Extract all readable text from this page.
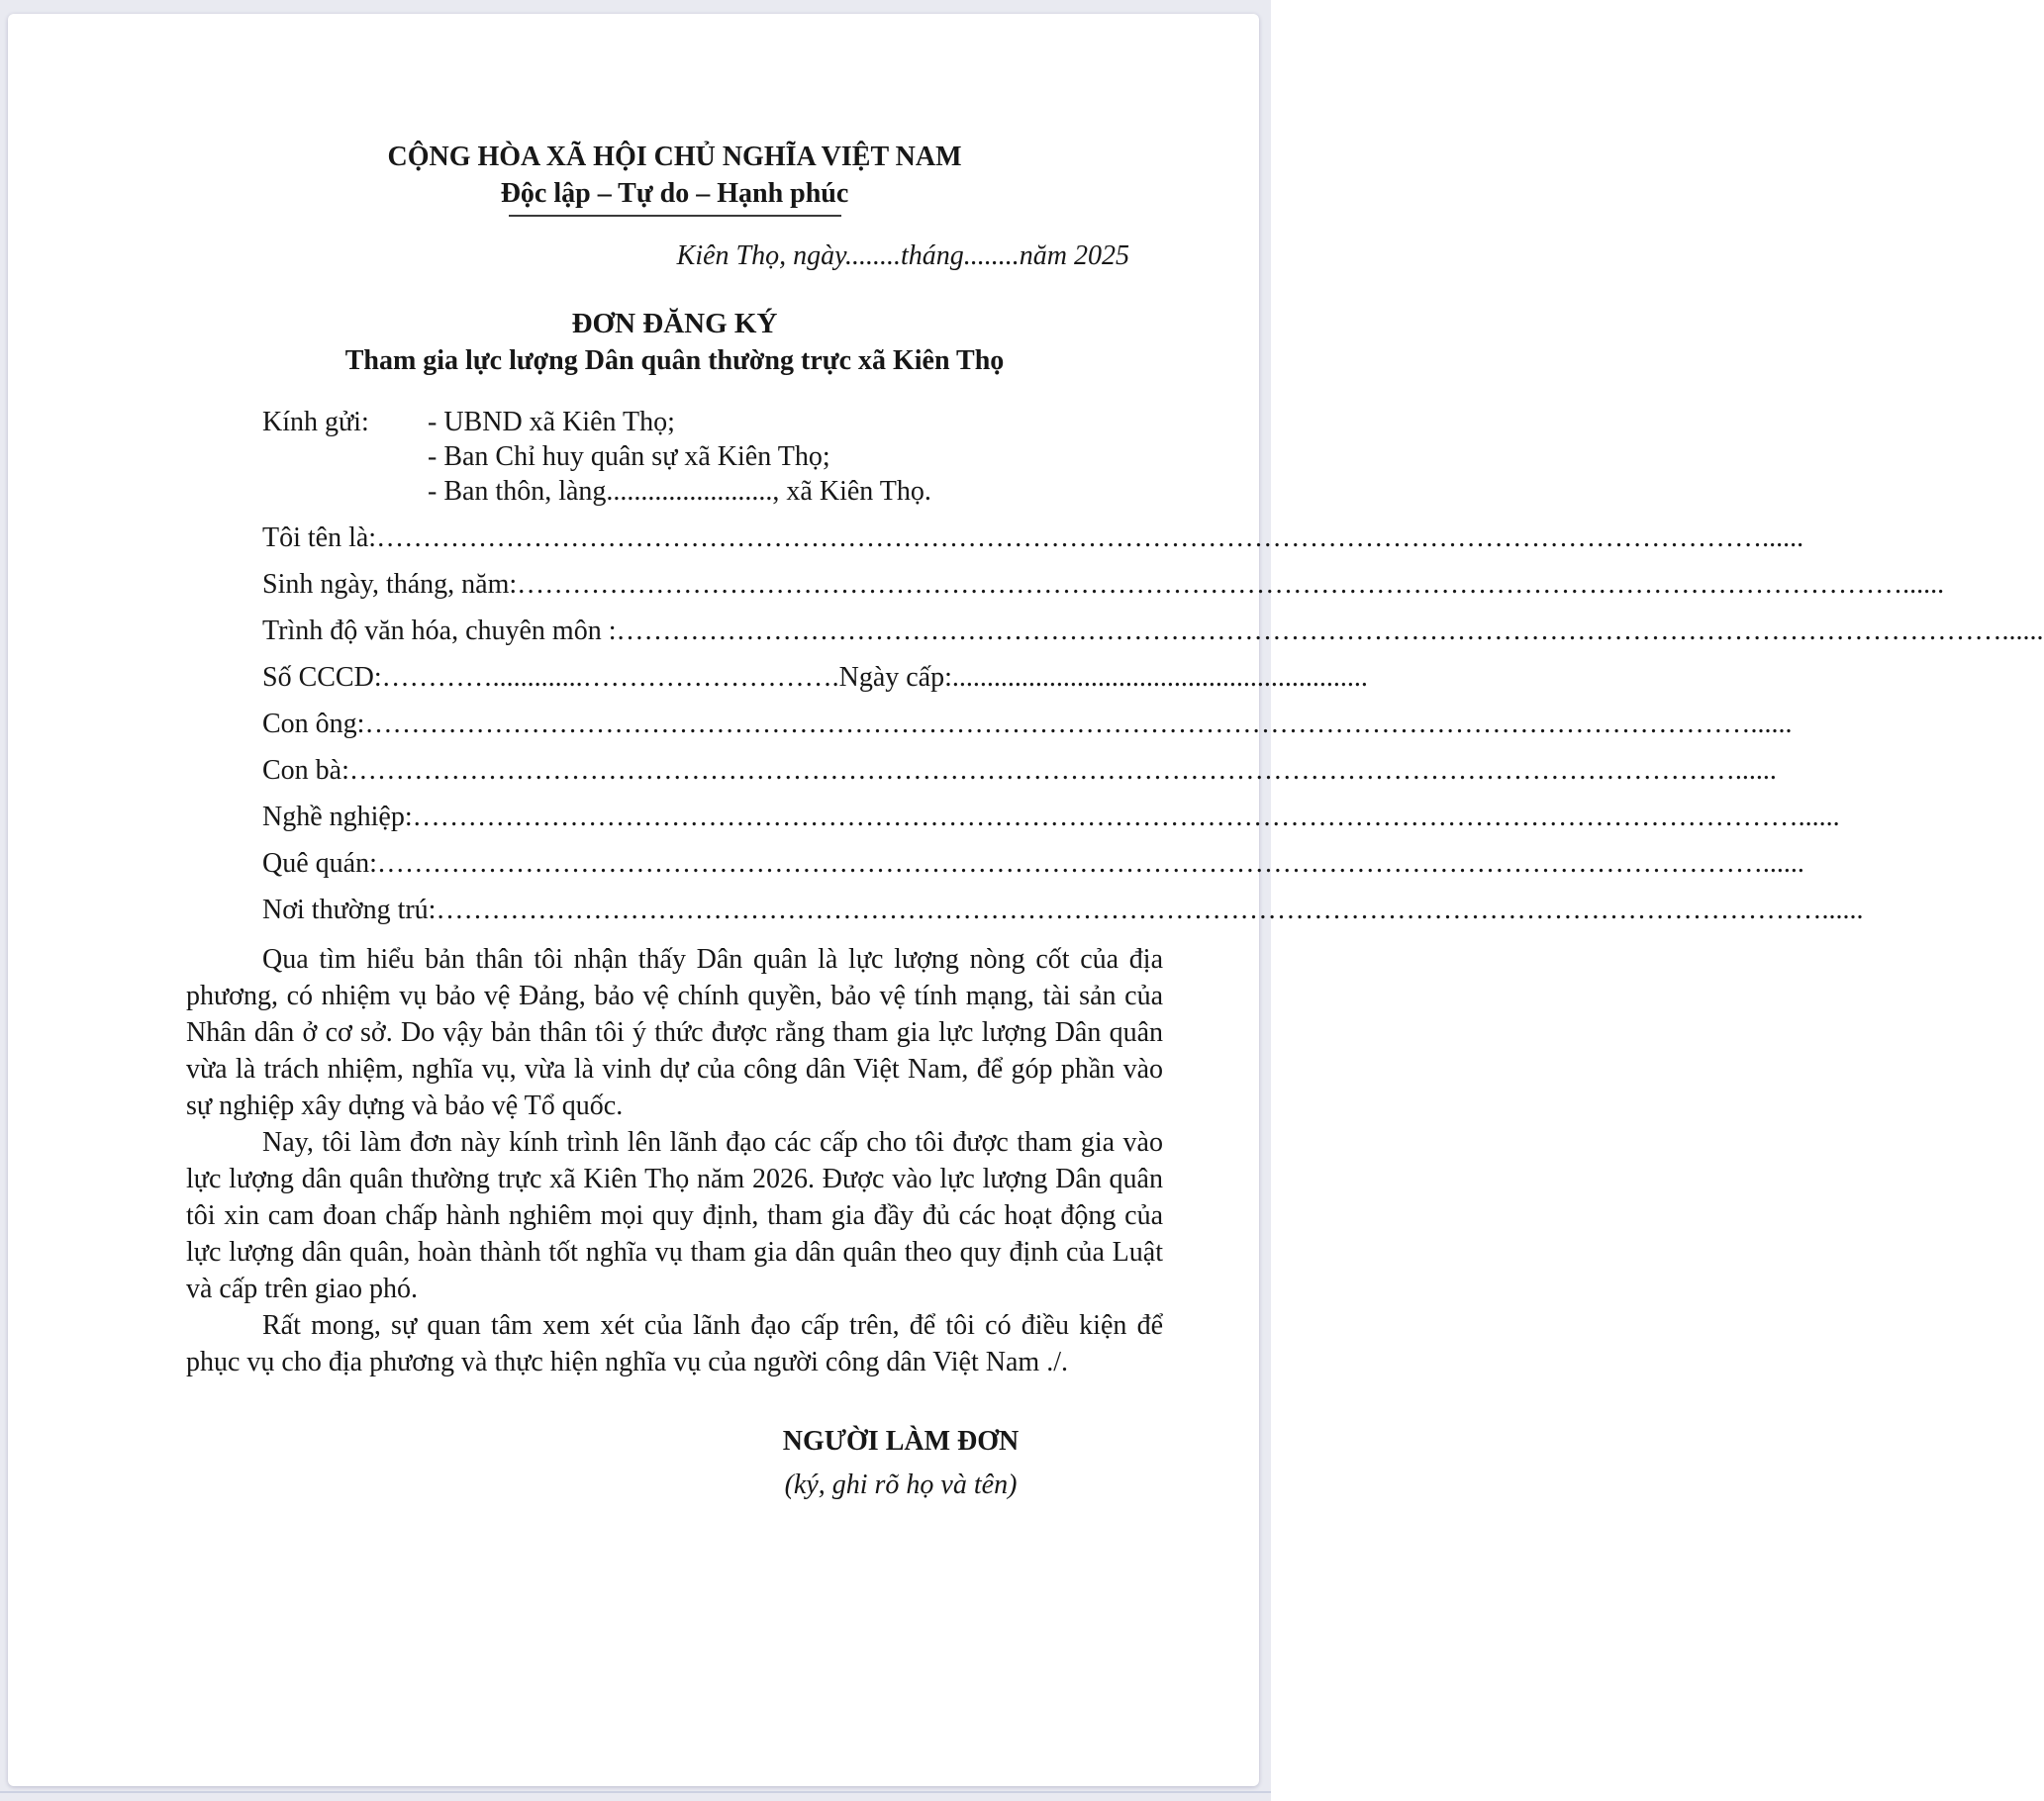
CỘNG HÒA XÃ HỘI CHỦ NGHĨA VIỆT NAM
Độc lập – Tự do – Hạnh phúc
Kiên Thọ, ngày........tháng........năm 2025
ĐƠN ĐĂNG KÝ
Tham gia lực lượng Dân quân thường trực xã Kiên Thọ
Kính gửi:	- UBND xã Kiên Thọ;
- Ban Chỉ huy quân sự xã Kiên Thọ;
- Ban thôn, làng........................, xã Kiên Thọ.
Tôi tên là: ……………………………………………………………………………………………………………………………………......
Sinh ngày, tháng, năm: ……………………………………………………………………………………………………………………………………......
Trình độ văn hóa, chuyên môn : ……………………………………………………………………………………………………………………………………......
Số CCCD: ………….............………………………. Ngày cấp: ............................................................
Con ông: ……………………………………………………………………………………………………………………………………......
Con bà: ……………………………………………………………………………………………………………………………………......
Nghề nghiệp: ……………………………………………………………………………………………………………………………………......
Quê quán: ……………………………………………………………………………………………………………………………………......
Nơi thường trú: ……………………………………………………………………………………………………………………………………......

Qua tìm hiểu bản thân tôi nhận thấy Dân quân là lực lượng nòng cốt của địa phương, có nhiệm vụ bảo vệ Đảng, bảo vệ chính quyền, bảo vệ tính mạng, tài sản của Nhân dân ở cơ sở. Do vậy bản thân tôi ý thức được rằng tham gia lực lượng Dân quân vừa là trách nhiệm, nghĩa vụ, vừa là vinh dự của công dân Việt Nam, để góp phần vào sự nghiệp xây dựng và bảo vệ Tổ quốc.

Nay, tôi làm đơn này kính trình lên lãnh đạo các cấp cho tôi được tham gia vào lực lượng dân quân thường trực xã Kiên Thọ năm 2026. Được vào lực lượng Dân quân tôi xin cam đoan chấp hành nghiêm mọi quy định, tham gia đầy đủ các hoạt động của lực lượng dân quân, hoàn thành tốt nghĩa vụ tham gia dân quân theo quy định của Luật và cấp trên giao phó.

Rất mong, sự quan tâm xem xét của lãnh đạo cấp trên, để tôi có điều kiện để phục vụ cho địa phương và thực hiện nghĩa vụ của người công dân Việt Nam ./.

NGƯỜI LÀM ĐƠN
(ký, ghi rõ họ và tên)
